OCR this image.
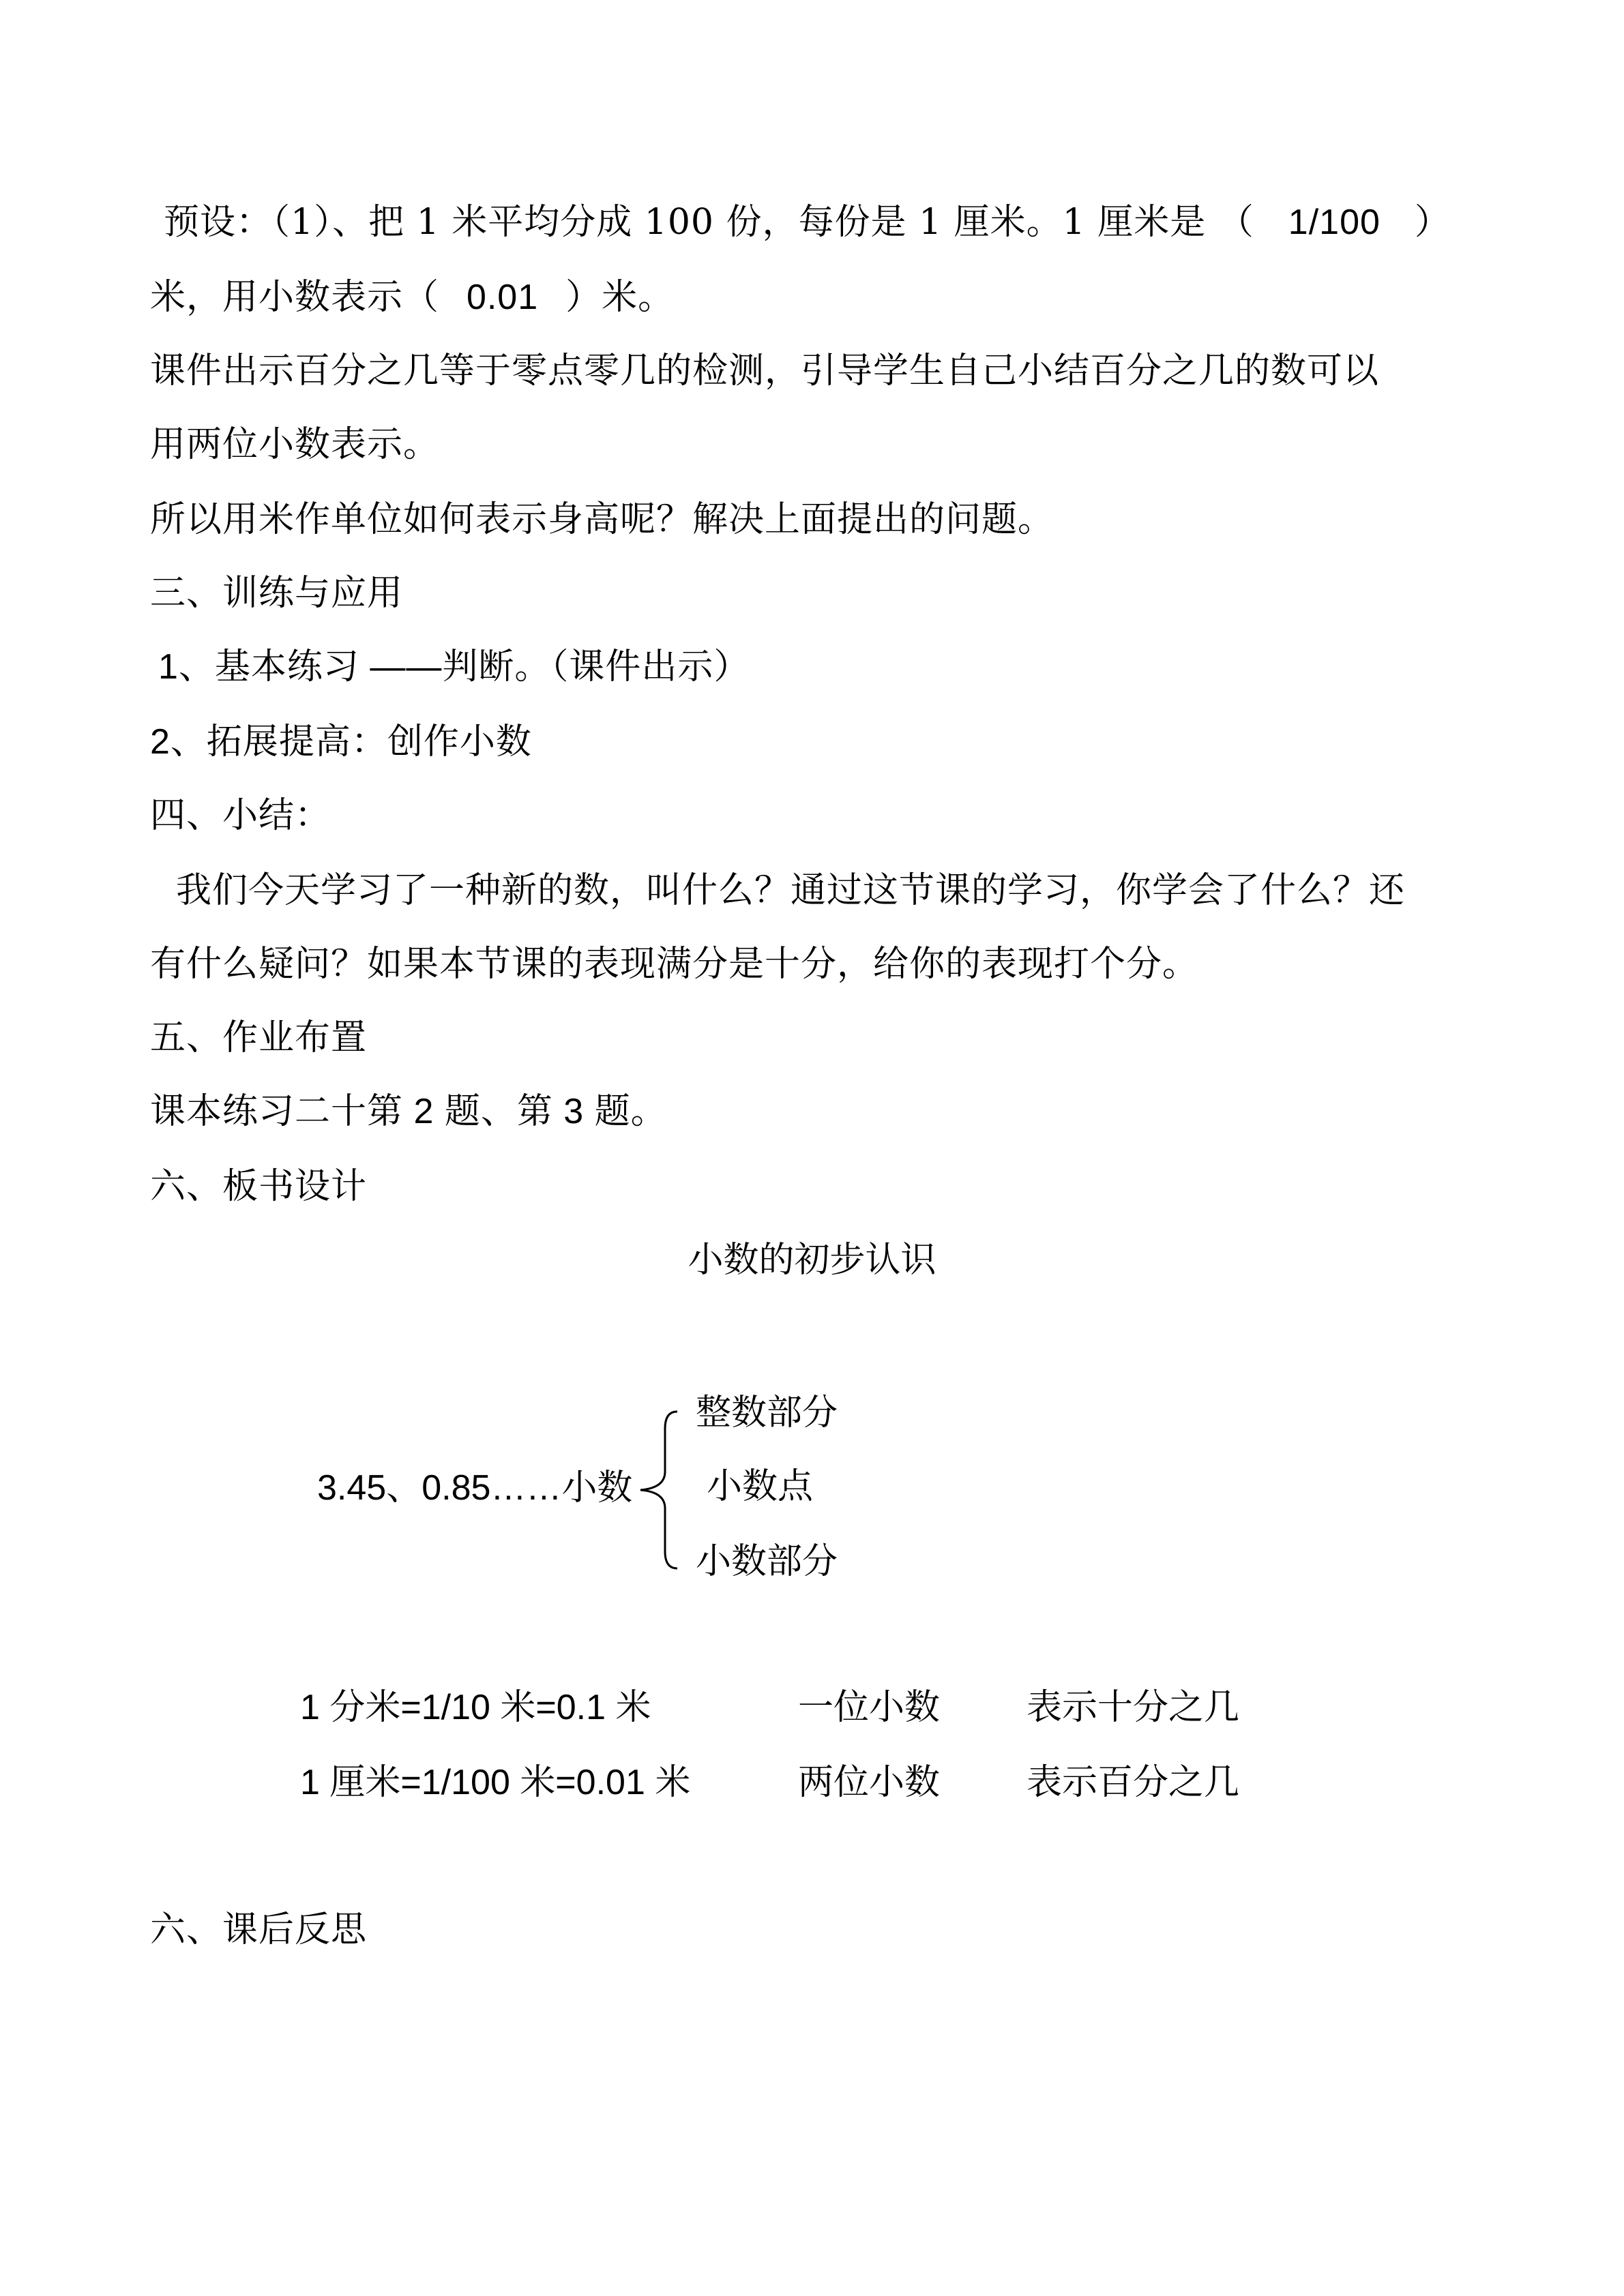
预设：（1）、把 1 米平均分成 100 份，每份是 1 厘米。1 厘米是 （ 1/100 ）
米，用小数表示（ 0.01 ）米。
课件出示百分之几等于零点零几的检测，引导学生自己小结百分之几的数可以
用两位小数表示。
所以用米作单位如何表示身高呢？解决上面提出的问题。
三、训练与应用
1、基本练习 ——判断。（课件出示）
2、拓展提高：创作小数
四、小结：
我们今天学习了一种新的数，叫什么？通过这节课的学习，你学会了什么？还
有什么疑问？如果本节课的表现满分是十分，给你的表现打个分。
五、作业布置
课本练习二十第 2 题、第 3 题。
六、板书设计
小数的初步认识
3.45、0.85……小数
整数部分
小数点
小数部分
1 分米=1/10 米=0.1 米	一位小数 表示十分之几
1 厘米=1/100 米=0.01 米	两位小数 表示百分之几
六、课后反思
